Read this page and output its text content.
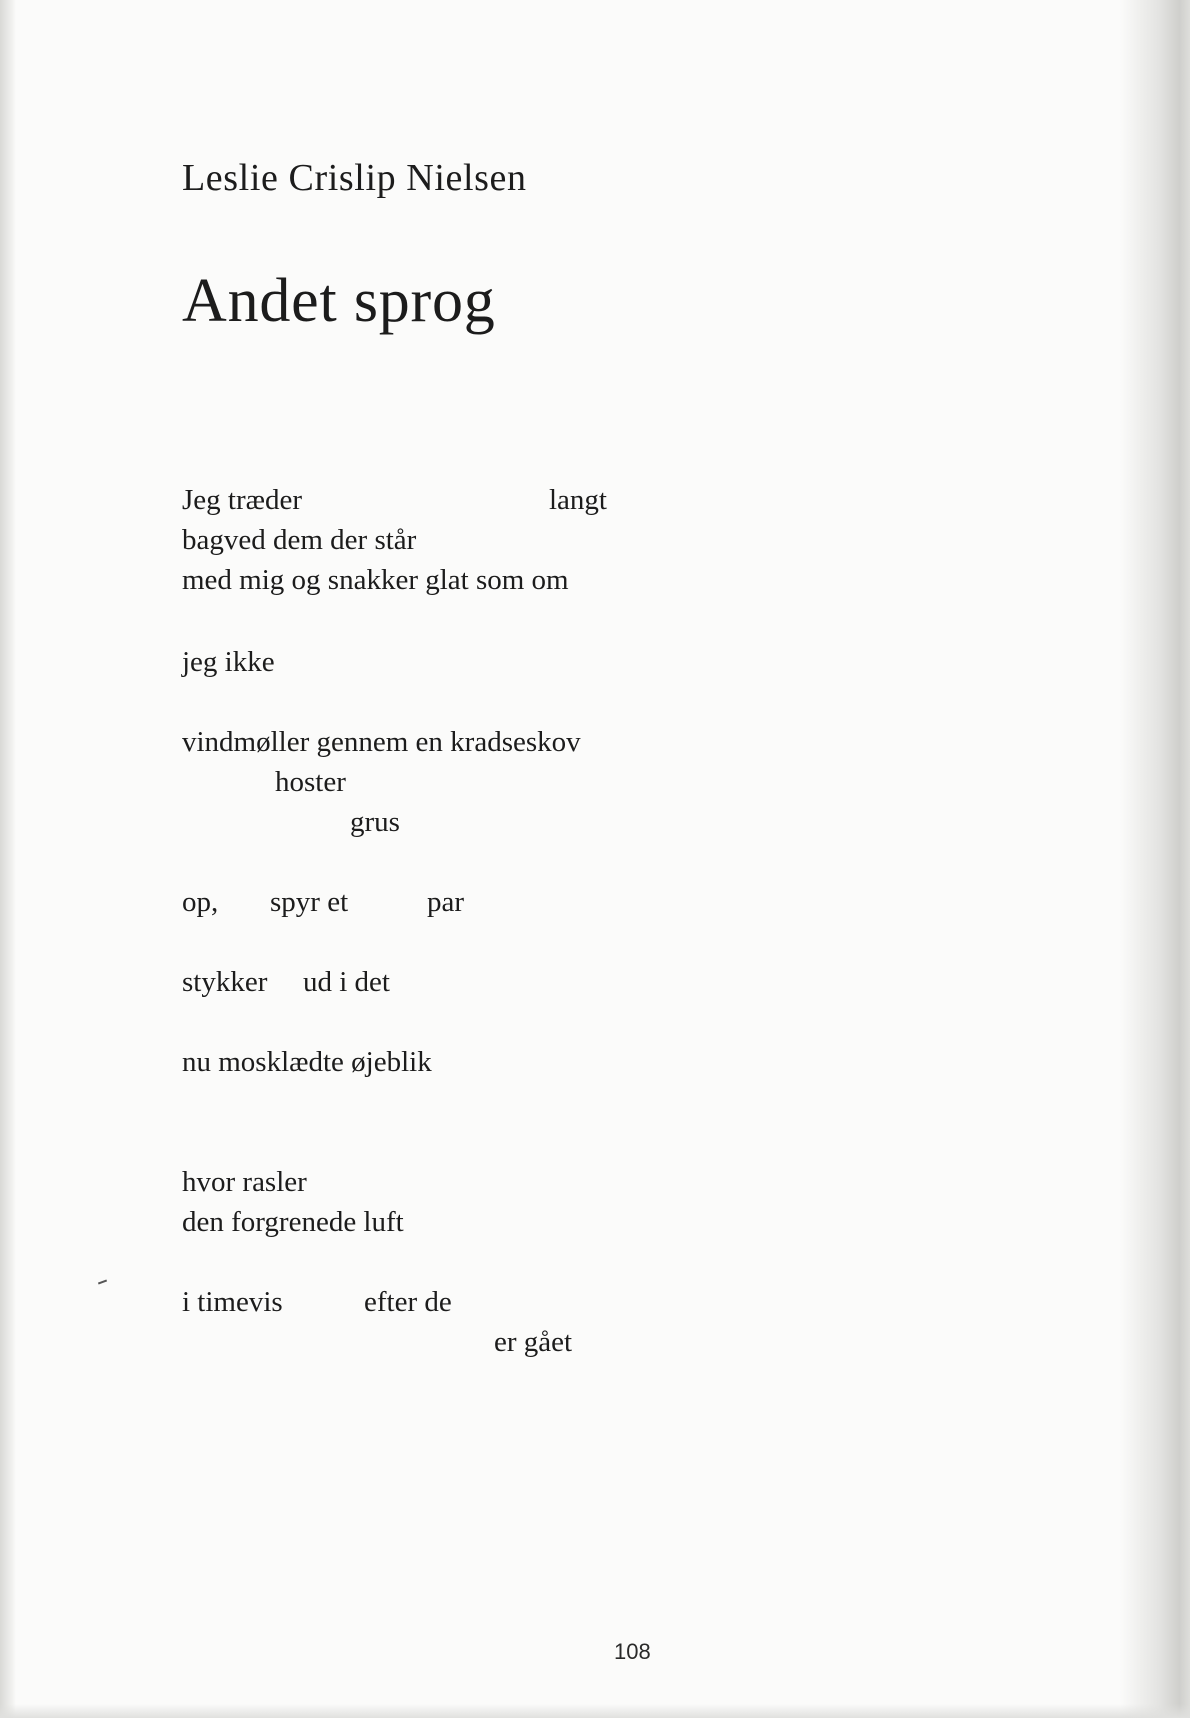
Leslie Crislip Nielsen
Andet sprog
Jeg træder	langt
bagved dem der står
med mig og snakker glat som om
jeg ikke
vindmøller gennem en kradseskov
hoster
grus
op, spyr et	par
stykker ud i det
nu mosklædte øjeblik
hvor rasler
den forgrenede luft
i timevis	efter de
er gået
108
